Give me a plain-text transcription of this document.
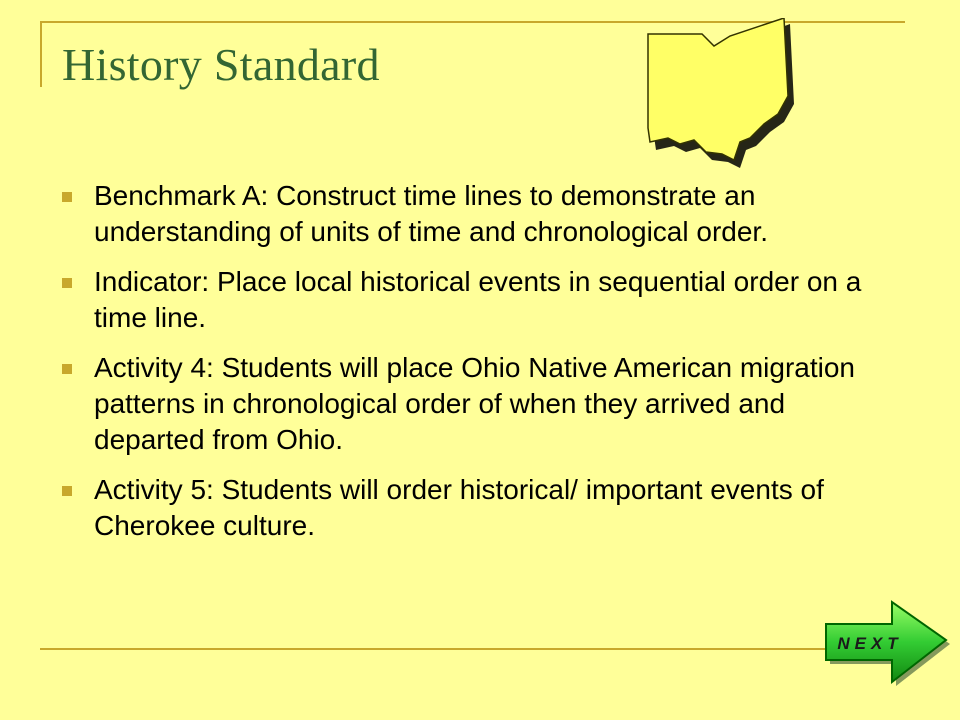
History Standard
Benchmark A: Construct time lines to demonstrate an understanding of units of time and chronological order.
Indicator: Place local historical events in sequential order on a time line.
Activity 4: Students will place Ohio Native American migration patterns in chronological order of when they arrived and departed from Ohio.
Activity 5: Students will order historical/ important events of Cherokee culture.
NEXT
